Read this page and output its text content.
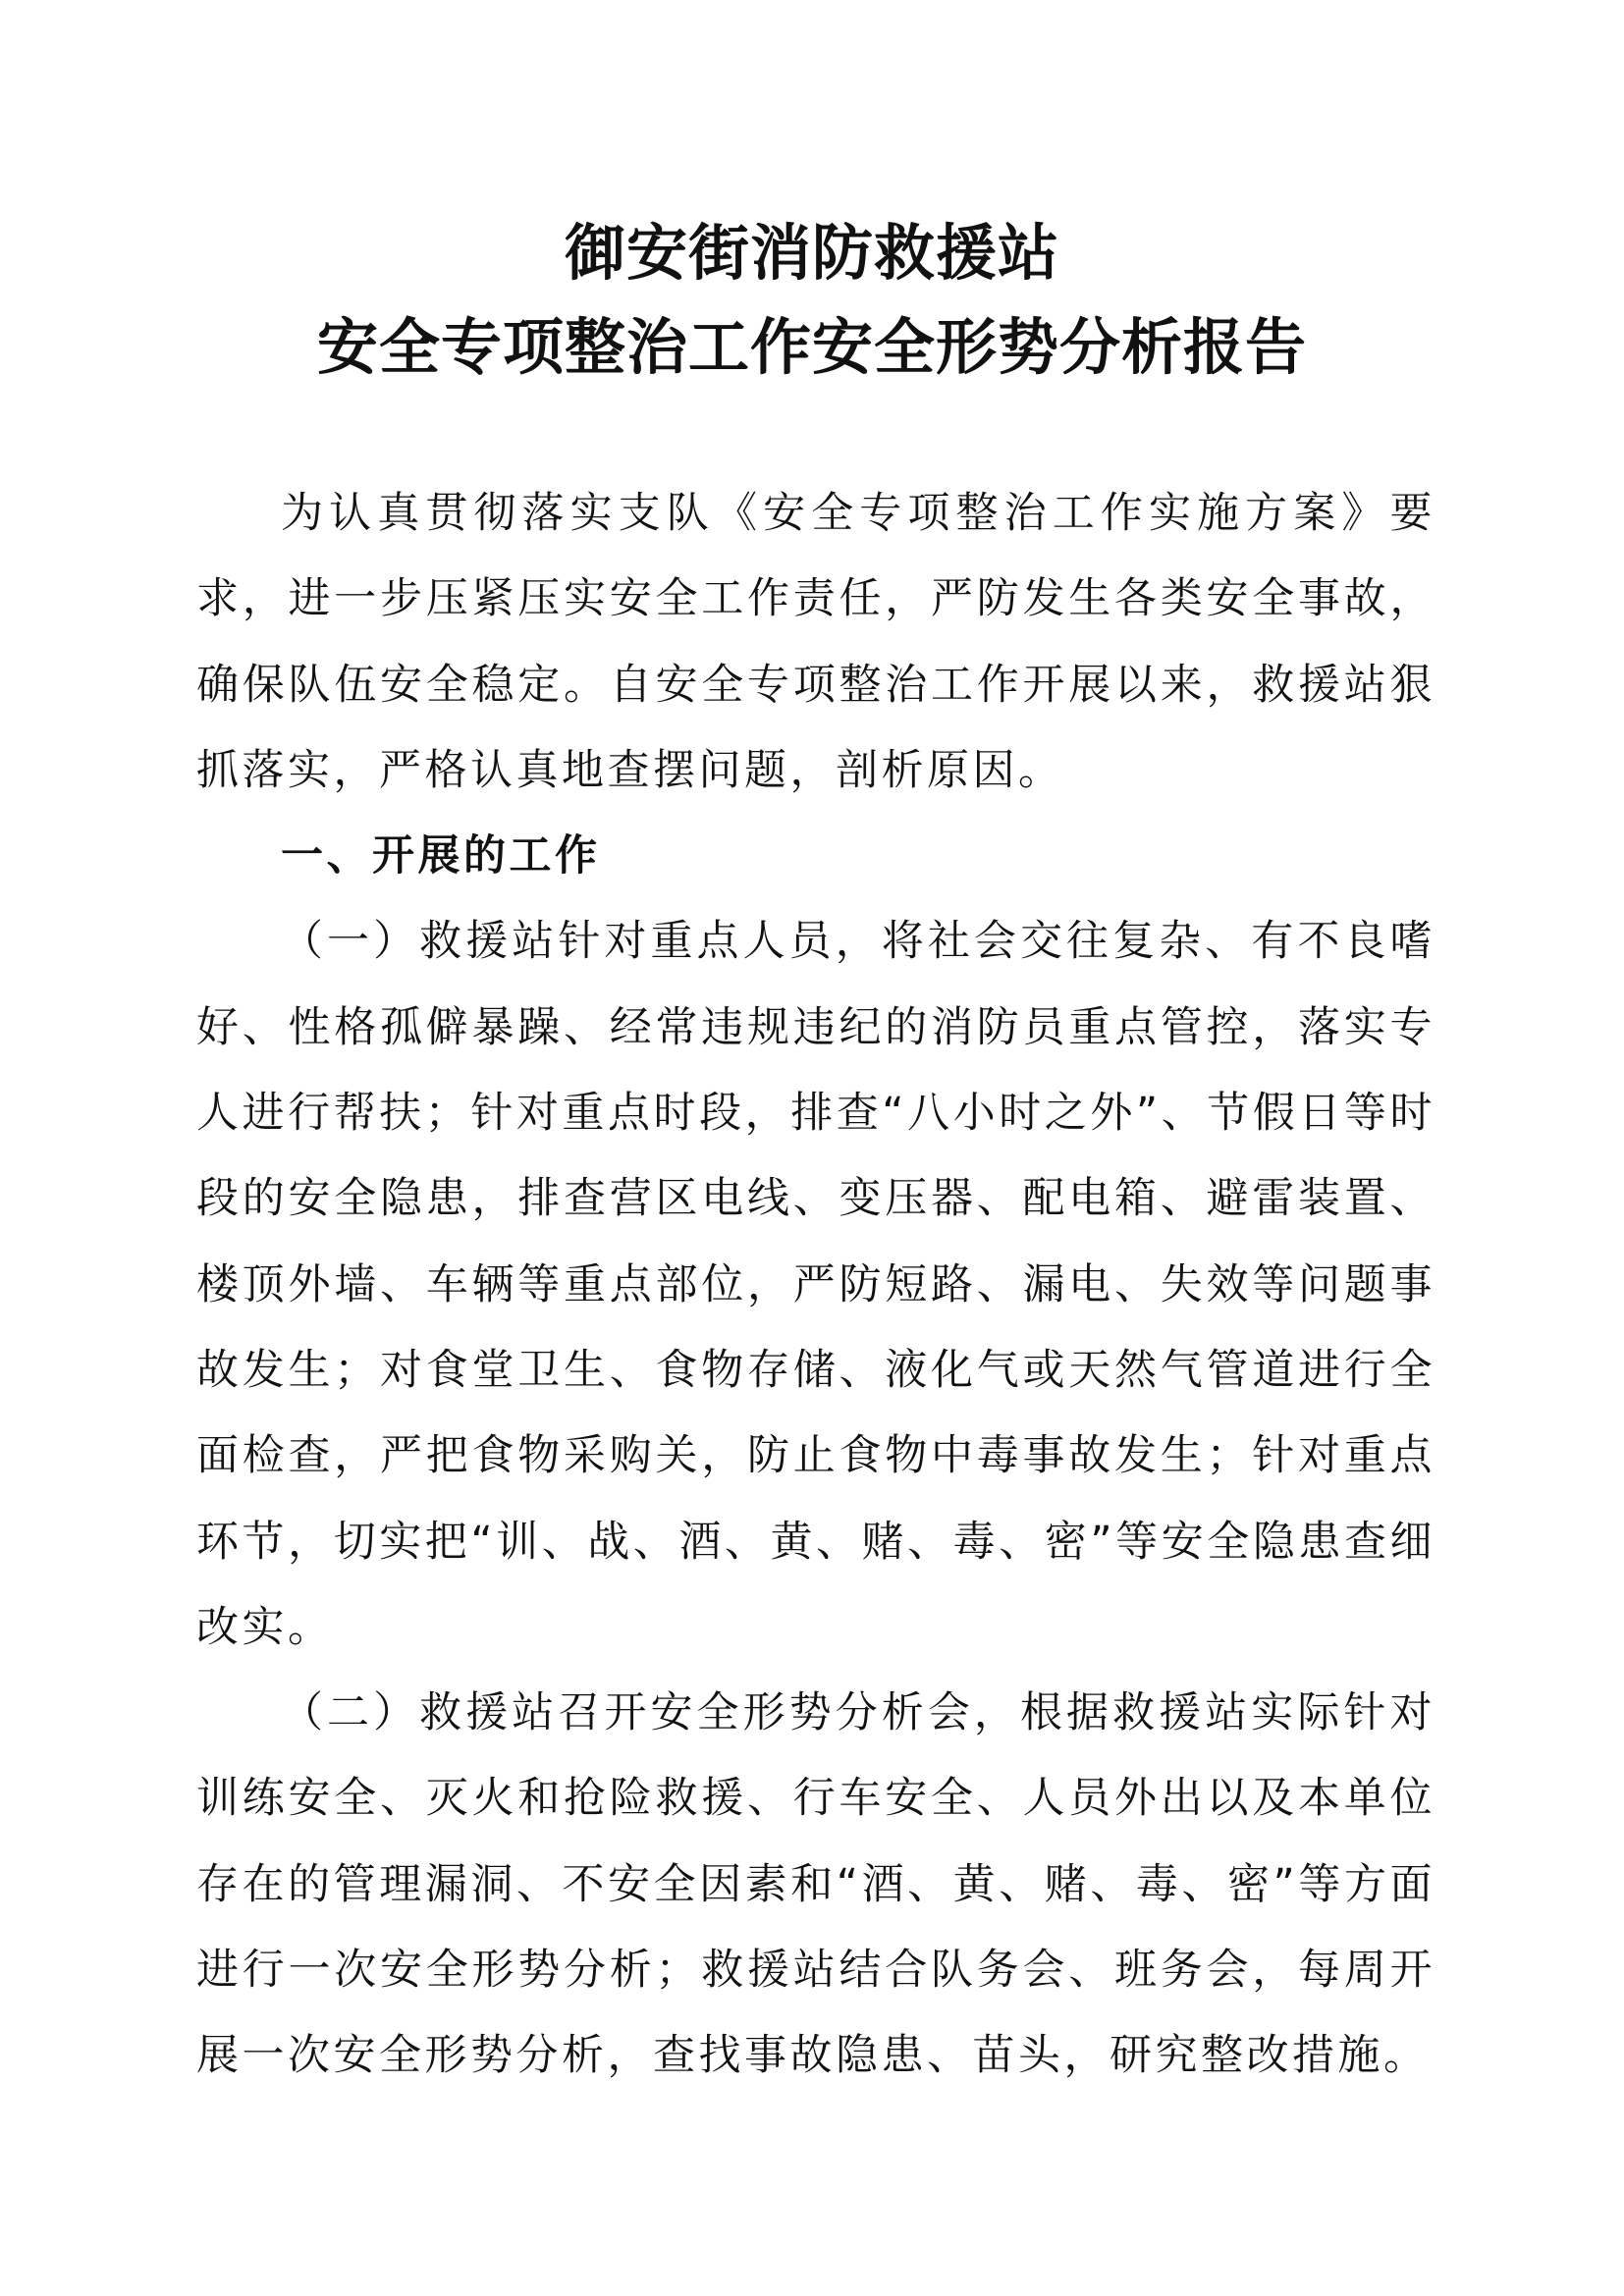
御安街消防救援站
安全专项整治工作安全形势分析报告

为认真贯彻落实支队《安全专项整治工作实施方案》要求，进一步压紧压实安全工作责任，严防发生各类安全事故，确保队伍安全稳定。自安全专项整治工作开展以来，救援站狠抓落实，严格认真地查摆问题，剖析原因。

一、开展的工作

（一）救援站针对重点人员，将社会交往复杂、有不良嗜好、性格孤僻暴躁、经常违规违纪的消防员重点管控，落实专人进行帮扶；针对重点时段，排查“八小时之外”、节假日等时段的安全隐患，排查营区电线、变压器、配电箱、避雷装置、楼顶外墙、车辆等重点部位，严防短路、漏电、失效等问题事故发生；对食堂卫生、食物存储、液化气或天然气管道进行全面检查，严把食物采购关，防止食物中毒事故发生；针对重点环节，切实把“训、战、酒、黄、赌、毒、密”等安全隐患查细改实。

（二）救援站召开安全形势分析会，根据救援站实际针对训练安全、灭火和抢险救援、行车安全、人员外出以及本单位存在的管理漏洞、不安全因素和“酒、黄、赌、毒、密”等方面进行一次安全形势分析；救援站结合队务会、班务会，每周开展一次安全形势分析，查找事故隐患、苗头，研究整改措施。
